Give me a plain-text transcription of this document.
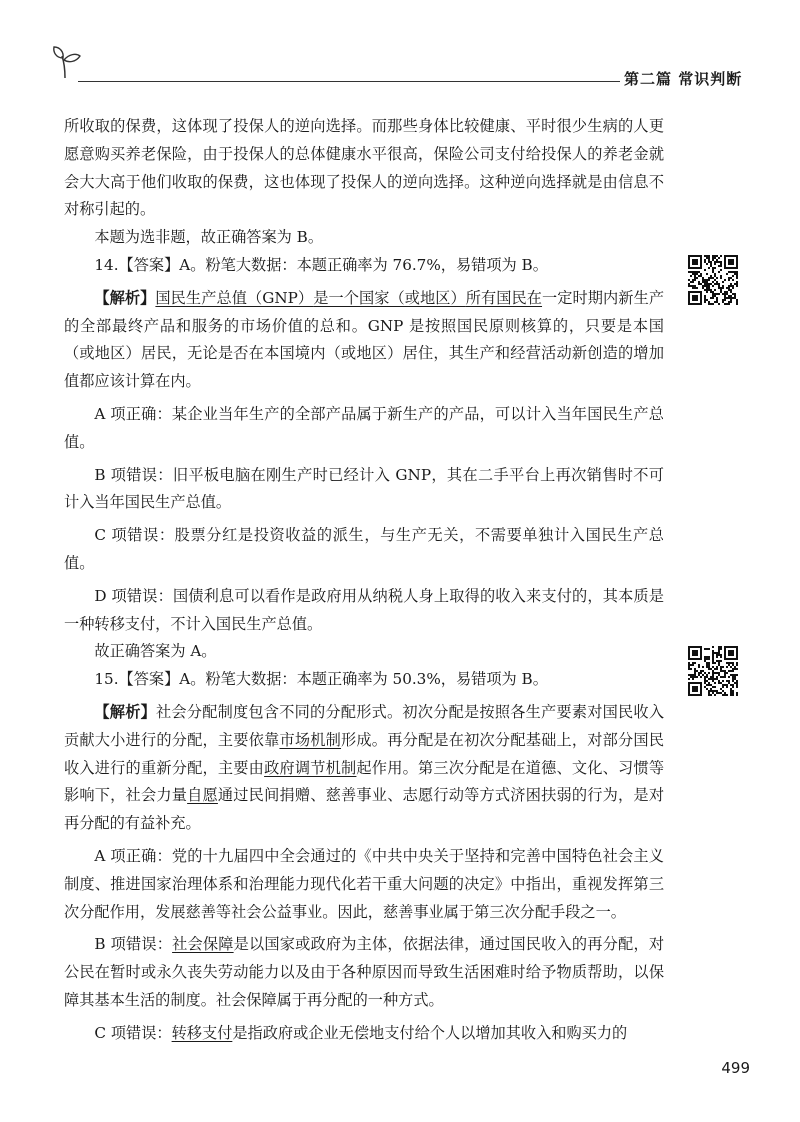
第二篇 常识判断

所收取的保费，这体现了投保人的逆向选择。而那些身体比较健康、平时很少生病的人更愿意购买养老保险，由于投保人的总体健康水平很高，保险公司支付给投保人的养老金就会大大高于他们收取的保费，这也体现了投保人的逆向选择。这种逆向选择就是由信息不对称引起的。

本题为选非题，故正确答案为 B。

14.【答案】A。粉笔大数据：本题正确率为 76.7%，易错项为 B。

【解析】国民生产总值（GNP）是一个国家（或地区）所有国民在一定时期内新生产的全部最终产品和服务的市场价值的总和。GNP 是按照国民原则核算的，只要是本国（或地区）居民，无论是否在本国境内（或地区）居住，其生产和经营活动新创造的增加值都应该计算在内。

A 项正确：某企业当年生产的全部产品属于新生产的产品，可以计入当年国民生产总值。

B 项错误：旧平板电脑在刚生产时已经计入 GNP，其在二手平台上再次销售时不可计入当年国民生产总值。

C 项错误：股票分红是投资收益的派生，与生产无关，不需要单独计入国民生产总值。

D 项错误：国债利息可以看作是政府用从纳税人身上取得的收入来支付的，其本质是一种转移支付，不计入国民生产总值。

故正确答案为 A。

15.【答案】A。粉笔大数据：本题正确率为 50.3%，易错项为 B。

【解析】社会分配制度包含不同的分配形式。初次分配是按照各生产要素对国民收入贡献大小进行的分配，主要依靠市场机制形成。再分配是在初次分配基础上，对部分国民收入进行的重新分配，主要由政府调节机制起作用。第三次分配是在道德、文化、习惯等影响下，社会力量自愿通过民间捐赠、慈善事业、志愿行动等方式济困扶弱的行为，是对再分配的有益补充。

A 项正确：党的十九届四中全会通过的《中共中央关于坚持和完善中国特色社会主义制度、推进国家治理体系和治理能力现代化若干重大问题的决定》中指出，重视发挥第三次分配作用，发展慈善等社会公益事业。因此，慈善事业属于第三次分配手段之一。

B 项错误：社会保障是以国家或政府为主体，依据法律，通过国民收入的再分配，对公民在暂时或永久丧失劳动能力以及由于各种原因而导致生活困难时给予物质帮助，以保障其基本生活的制度。社会保障属于再分配的一种方式。

C 项错误：转移支付是指政府或企业无偿地支付给个人以增加其收入和购买力的

499
